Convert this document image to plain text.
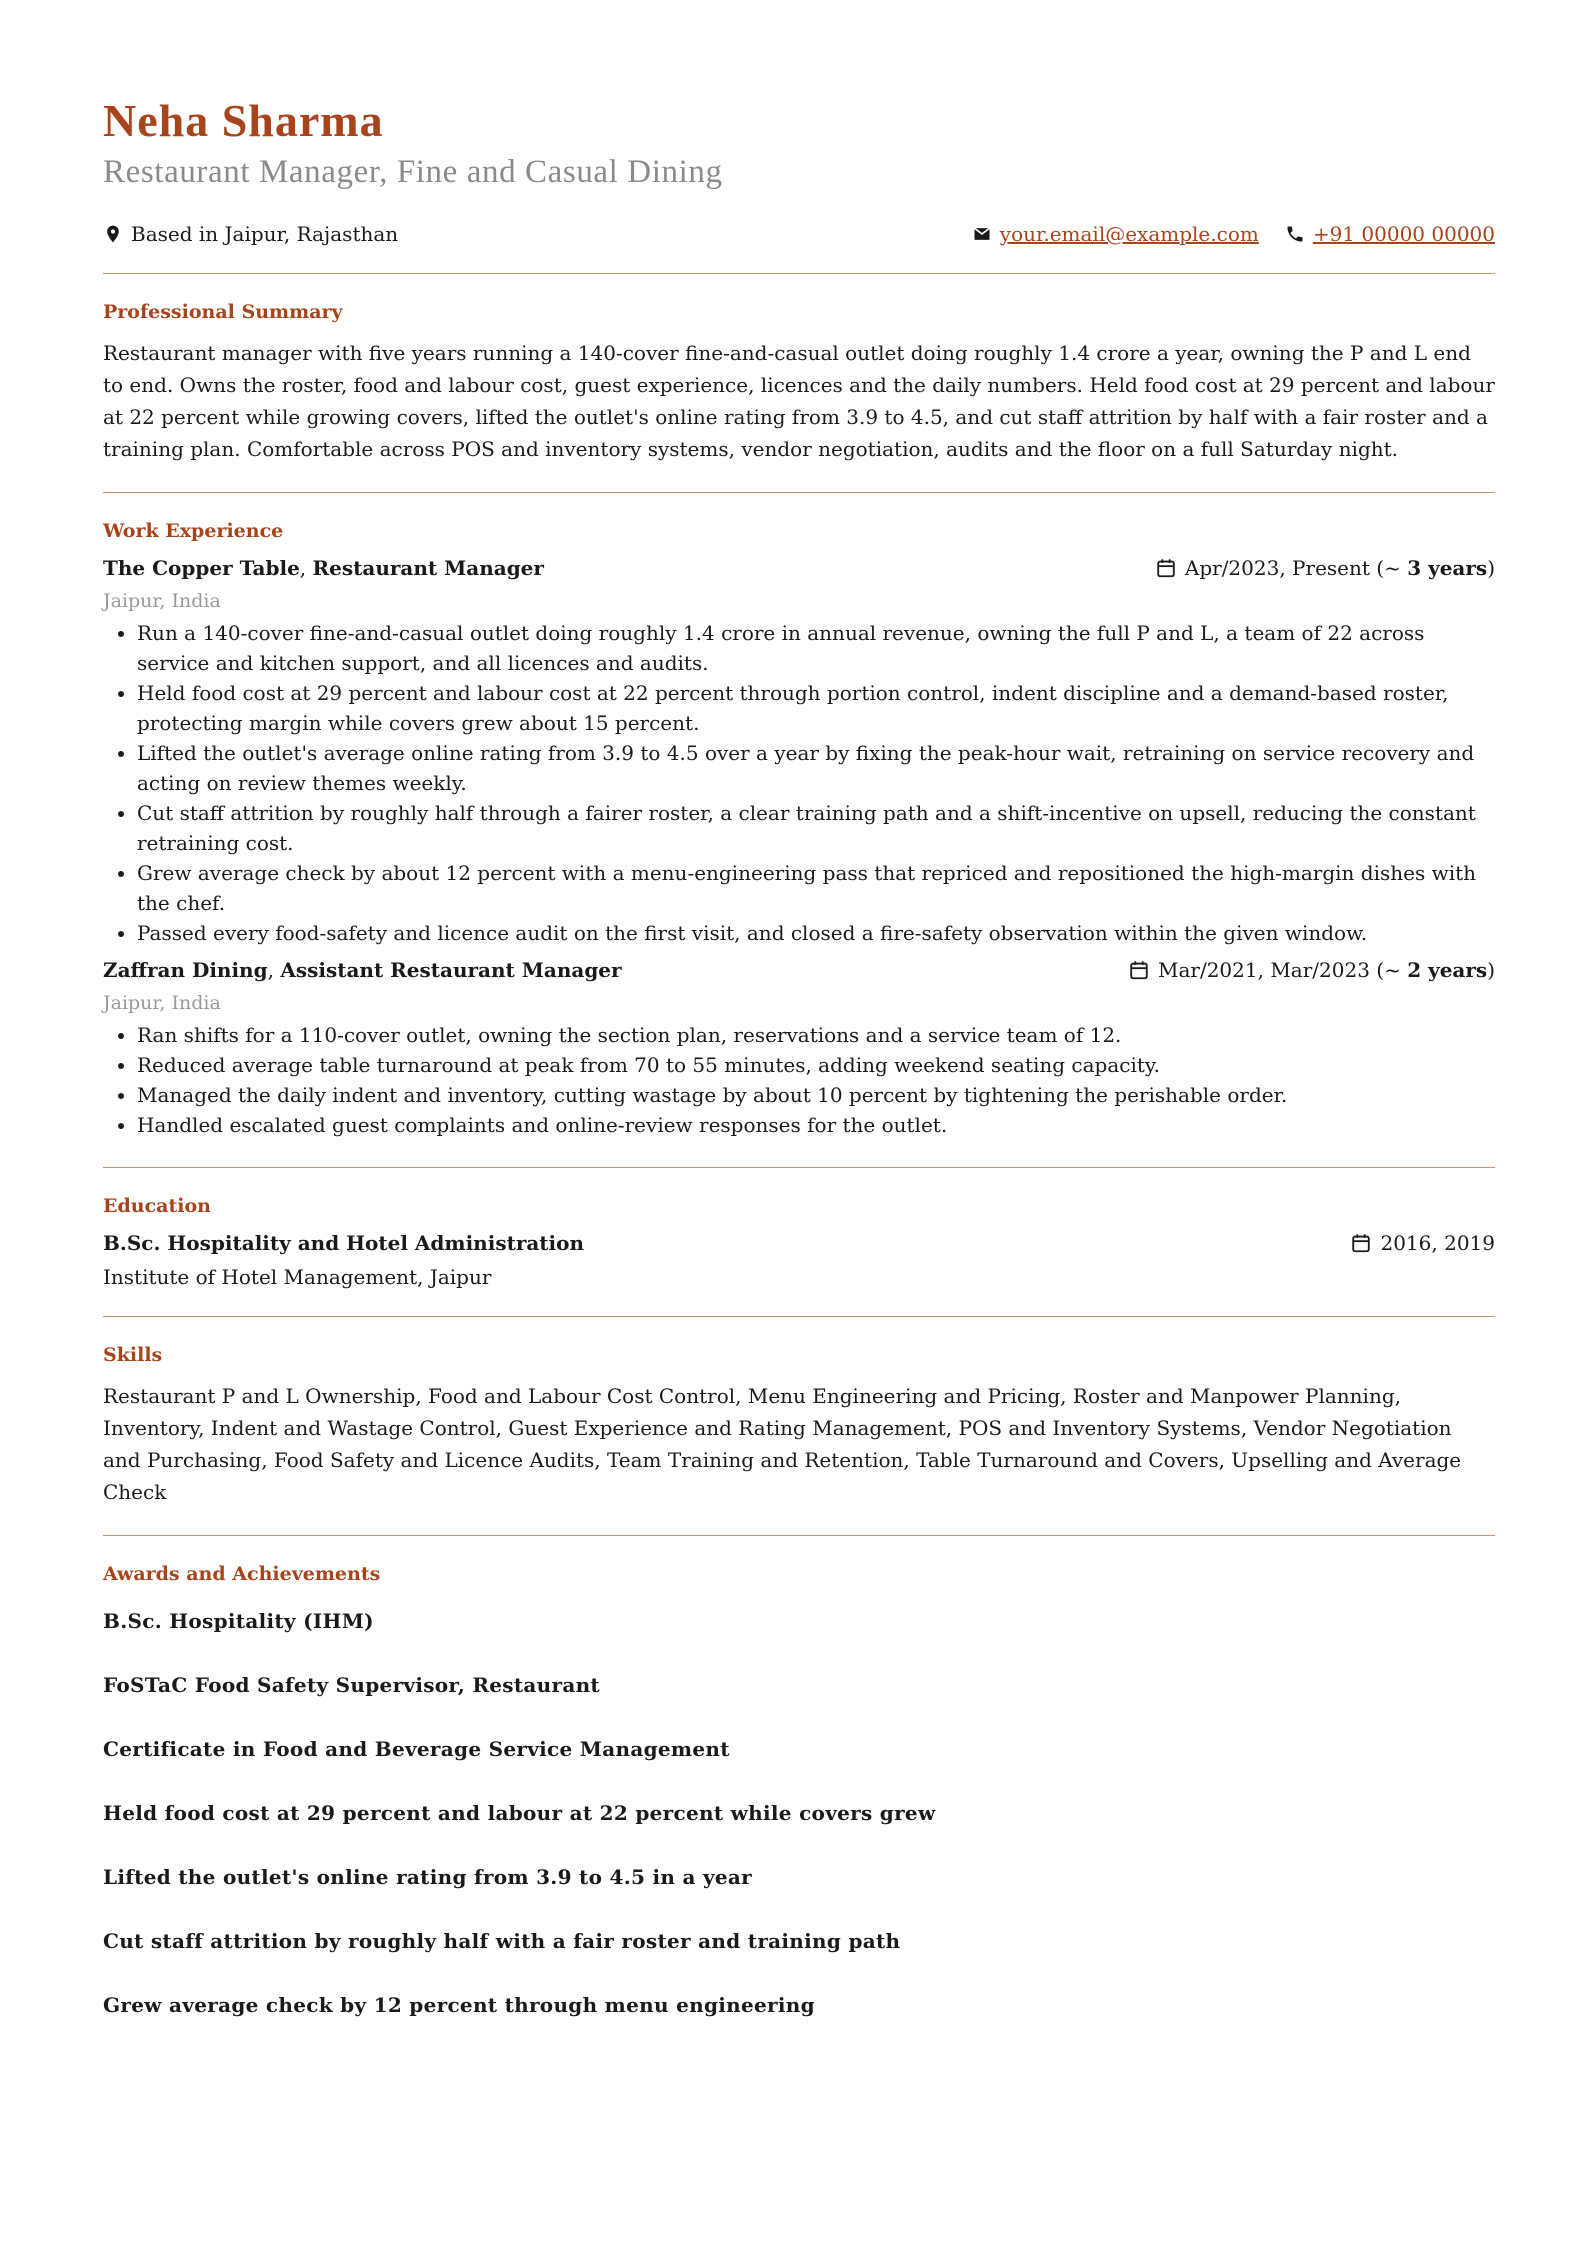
Neha Sharma
Restaurant Manager, Fine and Casual Dining
Based in Jaipur, Rajasthan	your.email@example.com	+91 00000 00000
Professional Summary

Restaurant manager with five years running a 140-cover fine-and-casual outlet doing roughly 1.4 crore a year, owning the P and L end to end. Owns the roster, food and labour cost, guest experience, licences and the daily numbers. Held food cost at 29 percent and labour at 22 percent while growing covers, lifted the outlet's online rating from 3.9 to 4.5, and cut staff attrition by half with a fair roster and a training plan. Comfortable across POS and inventory systems, vendor negotiation, audits and the floor on a full Saturday night.

Work Experience
The Copper Table, Restaurant Manager	Apr/2023, Present (~ 3 years)
Jaipur, India
• Run a 140-cover fine-and-casual outlet doing roughly 1.4 crore in annual revenue, owning the full P and L, a team of 22 across service and kitchen support, and all licences and audits.
• Held food cost at 29 percent and labour cost at 22 percent through portion control, indent discipline and a demand-based roster, protecting margin while covers grew about 15 percent.
• Lifted the outlet's average online rating from 3.9 to 4.5 over a year by fixing the peak-hour wait, retraining on service recovery and acting on review themes weekly.
• Cut staff attrition by roughly half through a fairer roster, a clear training path and a shift-incentive on upsell, reducing the constant retraining cost.
• Grew average check by about 12 percent with a menu-engineering pass that repriced and repositioned the high-margin dishes with the chef.
• Passed every food-safety and licence audit on the first visit, and closed a fire-safety observation within the given window.
Zaffran Dining, Assistant Restaurant Manager	Mar/2021, Mar/2023 (~ 2 years)
Jaipur, India
• Ran shifts for a 110-cover outlet, owning the section plan, reservations and a service team of 12.
• Reduced average table turnaround at peak from 70 to 55 minutes, adding weekend seating capacity.
• Managed the daily indent and inventory, cutting wastage by about 10 percent by tightening the perishable order.
• Handled escalated guest complaints and online-review responses for the outlet.
Education
B.Sc. Hospitality and Hotel Administration	2016, 2019
Institute of Hotel Management, Jaipur
Skills

Restaurant P and L Ownership, Food and Labour Cost Control, Menu Engineering and Pricing, Roster and Manpower Planning, Inventory, Indent and Wastage Control, Guest Experience and Rating Management, POS and Inventory Systems, Vendor Negotiation and Purchasing, Food Safety and Licence Audits, Team Training and Retention, Table Turnaround and Covers, Upselling and Average Check

Awards and Achievements
B.Sc. Hospitality (IHM)
FoSTaC Food Safety Supervisor, Restaurant
Certificate in Food and Beverage Service Management
Held food cost at 29 percent and labour at 22 percent while covers grew
Lifted the outlet's online rating from 3.9 to 4.5 in a year
Cut staff attrition by roughly half with a fair roster and training path
Grew average check by 12 percent through menu engineering
